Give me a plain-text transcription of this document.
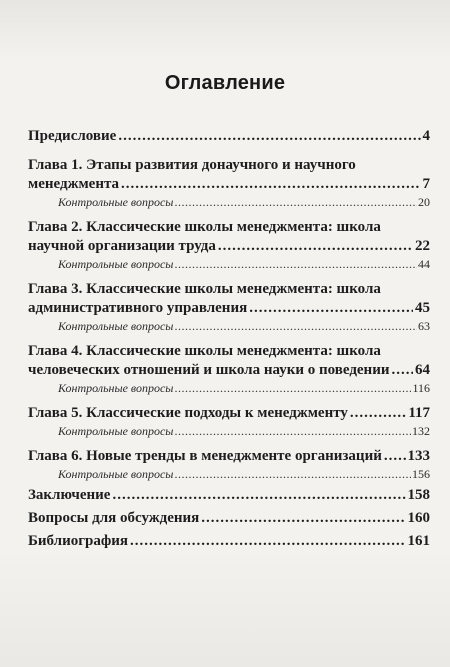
Оглавление
Предисловие .....	4
Глава 1. Этапы развития донаучного и научного
менеджмента .....	7
Контрольные вопросы .....	20
Глава 2. Классические школы менеджмента: школа
научной организации труда .....	22
Контрольные вопросы .....	44
Глава 3. Классические школы менеджмента: школа
административного управления .....	45
Контрольные вопросы .....	63
Глава 4. Классические школы менеджмента: школа
человеческих отношений и школа науки о поведении ..... 64
Контрольные вопросы .....	116
Глава 5. Классические подходы к менеджменту .....	117
Контрольные вопросы .....	132
Глава 6. Новые тренды в менеджменте организаций ..... 133
Контрольные вопросы .....	156
Заключение .....	158
Вопросы для обсуждения .....	160
Библиография .....	161
